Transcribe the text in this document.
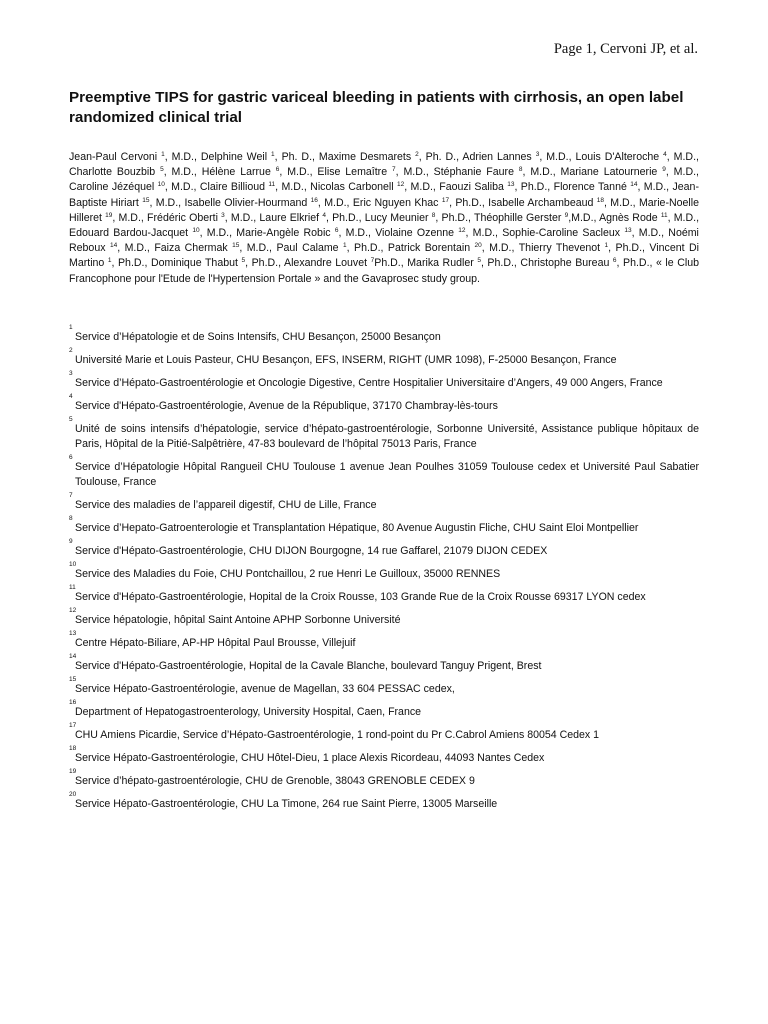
Page 1, Cervoni JP, et al.
Preemptive TIPS for gastric variceal bleeding in patients with cirrhosis, an open label randomized clinical trial

Jean-Paul Cervoni $^1$, M.D., Delphine Weil $^1$, Ph. D., Maxime Desmarets $^2$, Ph. D., Adrien Lannes $^3$, M.D., Louis D'Alteroche $^4$, M.D., Charlotte Bouzbib $^5$, M.D., Hélène Larrue $^6$, M.D., Elise Lemaître $^7$, M.D., Stéphanie Faure $^8$, M.D., Mariane Latournerie $^9$, M.D., Caroline Jézéquel $^{10}$, M.D., Claire Billioud $^{11}$, M.D., Nicolas Carbonell $^{12}$, M.D., Faouzi Saliba $^{13}$, Ph.D., Florence Tanné $^{14}$, M.D., Jean-Baptiste Hiriart $^{15}$, M.D., Isabelle Olivier-Hourmand $^{16}$, M.D., Eric Nguyen Khac $^{17}$, Ph.D., Isabelle Archambeaud $^{18}$, M.D., Marie-Noelle Hilleret $^{19}$, M.D., Frédéric Oberti $^3$, M.D., Laure Elkrief $^4$, Ph.D., Lucy Meunier $^8$, Ph.D., Théophille Gerster $^9$,M.D., Agnès Rode $^{11}$, M.D., Edouard Bardou-Jacquet $^{10}$, M.D., Marie-Angèle Robic $^6$, M.D., Violaine Ozenne $^{12}$, M.D., Sophie-Caroline Sacleux $^{13}$, M.D., Noémi Reboux $^{14}$, M.D., Faiza Chermak $^{15}$, M.D., Paul Calame $^1$, Ph.D., Patrick Borentain $^{20}$, M.D., Thierry Thevenot $^1$, Ph.D., Vincent Di Martino $^1$, Ph.D., Dominique Thabut $^5$, Ph.D., Alexandre Louvet $^7$Ph.D., Marika Rudler $^5$, Ph.D., Christophe Bureau $^6$, Ph.D., « le Club Francophone pour l'Etude de l'Hypertension Portale » and the Gavaprosec study group.

1
Service d’Hépatologie et de Soins Intensifs, CHU Besançon, 25000 Besançon
2
Université Marie et Louis Pasteur, CHU Besançon, EFS, INSERM, RIGHT (UMR 1098), F-25000 Besançon, France
3
Service d’Hépato-Gastroentérologie et Oncologie Digestive, Centre Hospitalier Universitaire d’Angers, 49 000 Angers, France
4
Service d'Hépato-Gastroentérologie, Avenue de la République, 37170 Chambray-lès-tours
5
Unité de soins intensifs d’hépatologie, service d’hépato-gastroentérologie, Sorbonne Université, Assistance publique hôpitaux de Paris, Hôpital de la Pitié-Salpêtrière, 47-83 boulevard de l’hôpital 75013 Paris, France
6
Service d’Hépatologie Hôpital Rangueil CHU Toulouse 1 avenue Jean Poulhes 31059 Toulouse cedex et Université Paul Sabatier Toulouse, France
7
Service des maladies de l’appareil digestif, CHU de Lille, France
8
Service d’Hepato-Gatroenterologie et Transplantation Hépatique, 80 Avenue Augustin Fliche, CHU Saint Eloi Montpellier
9
Service d'Hépato-Gastroentérologie, CHU DIJON Bourgogne, 14 rue Gaffarel, 21079 DIJON CEDEX
10
Service des Maladies du Foie, CHU Pontchaillou, 2 rue Henri Le Guilloux, 35000 RENNES
11
Service d'Hépato-Gastroentérologie, Hopital de la Croix Rousse, 103 Grande Rue de la Croix Rousse 69317 LYON cedex
12
Service hépatologie, hôpital Saint Antoine APHP Sorbonne Université
13
Centre Hépato-Biliare, AP-HP Hôpital Paul Brousse, Villejuif
14
Service d'Hépato-Gastroentérologie, Hopital de la Cavale Blanche, boulevard Tanguy Prigent, Brest
15
Service Hépato-Gastroentérologie, avenue de Magellan, 33 604 PESSAC cedex,
16
Department of Hepatogastroenterology, University Hospital, Caen, France
17
CHU Amiens Picardie, Service d’Hépato-Gastroentérologie, 1 rond-point du Pr C.Cabrol Amiens 80054 Cedex 1
18
Service Hépato-Gastroentérologie, CHU Hôtel-Dieu, 1 place Alexis Ricordeau, 44093 Nantes Cedex
19
Service d’hépato-gastroentérologie, CHU de Grenoble, 38043 GRENOBLE CEDEX 9
20
Service Hépato-Gastroentérologie, CHU La Timone, 264 rue Saint Pierre, 13005 Marseille
